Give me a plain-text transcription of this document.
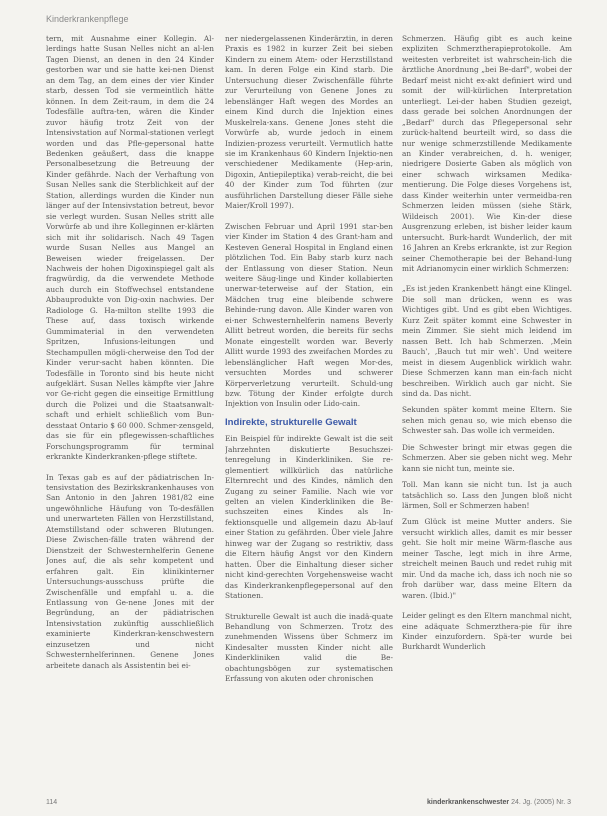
Kinderkrankenpflege

tern, mit Ausnahme einer Kollegin. Al-lerdings hatte Susan Nelles nicht an al-len Tagen Dienst, an denen in den 24 Kinder gestorben war und sie hatte kei-nen Dienst an dem Tag, an dem eines der vier Kinder starb, dessen Tod sie vermeintlich hätte können. In dem Zeit-raum, in dem die 24 Todesfälle auftra-ten, wären die Kinder zuvor häufig trotz Zeit von der Intensivstation auf Normal-stationen verlegt worden und das Pfle-gepersonal hatte Bedenken geäußert, dass die knappe Personalbesetzung die Betreuung der Kinder gefährde. Nach der Verhaftung von Susan Nelles sank die Sterblichkeit auf der Station, allerdings wurden die Kinder nun länger auf der Intensivstation betreut, bevor sie verlegt wurden. Susan Nelles stritt alle Vorwürfe ab und ihre Kolleginnen er-klärten sich mit ihr solidarisch. Nach 49 Tagen wurde Susan Nelles aus Mangel an Beweisen wieder freigelassen. Der Nachweis der hohen Digoxinspiegel galt als fragwürdig, da die verwendete Methode auch durch ein Stoffwechsel entstandene Abbauprodukte von Dig-oxin nachwies. Der Radiologe G. Ha-milton stellte 1993 die These auf, dass toxisch wirkende Gummimaterial in den verwendeten Spritzen, Infusions-leitungen und Stechampullen mögli-cherweise den Tod der Kinder verur-sacht haben könnten. Die Todesfälle in Toronto sind bis heute nicht aufgeklärt. Susan Nelles kämpfte vier Jahre vor Ge-richt gegen die einseitige Ermittlung durch die Polizei und die Staatsanwalt-schaft und erhielt schließlich vom Bun-desstaat Ontario $ 60 000. Schmer-zensgeld, das sie für ein pflegewissen-schaftliches Forschungsprogramm für terminal erkrankte Kinderkranken-pflege stiftete.

In Texas gab es auf der pädiatrischen In-tensivstation des Bezirkskrankenhauses von San Antonio in den Jahren 1981/82 eine ungewöhnliche Häufung von To-desfällen und unerwarteten Fällen von Herzstillstand, Atemstillstand oder schweren Blutungen. Diese Zwischen-fälle traten während der Dienstzeit der Schwesternhelferin Genene Jones auf, die als sehr kompetent und erfahren galt. Ein klinikinterner Untersuchungs-ausschuss prüfte die Zwischenfälle und empfahl u. a. die Entlassung von Ge-nene Jones mit der Begründung, an der pädiatrischen Intensivstation zukünftig ausschließlich examinierte Kinderkran-kenschwestern einzusetzen und nicht Schwesternhelferinnen. Genene Jones arbeitete danach als Assistentin bei ei-

ner niedergelassenen Kinderärztin, in deren Praxis es 1982 in kurzer Zeit bei sieben Kindern zu einem Atem- oder Herzstillstand kam. In deren Folge ein Kind starb. Die Untersuchung dieser Zwischenfälle führte zur Verurteilung von Genene Jones zu lebenslänger Haft wegen des Mordes an einem Kind durch die Injektion eines Muskelrela-xans. Genene Jones steht die Vorwürfe ab, wurde jedoch in einem Indizien-prozess verurteilt. Vermutlich hatte sie im Krankenhaus 60 Kindern Injektio-nen verschiedener Medikamente (Hep-arin, Digoxin, Antiepileptika) verab-reicht, die bei 40 der Kinder zum Tod führten (zur ausführlichen Darstellung dieser Fälle siehe Maier/Kroll 1997).

Zwischen Februar und April 1991 star-ben vier Kinder im Station 4 des Grant-ham and Kesteven General Hospital in England einen plötzlichen Tod. Ein Baby starb kurz nach der Entlassung von dieser Station. Neun weitere Säug-linge und Kinder kollabierten unerwar-teterweise auf der Station, ein Mädchen trug eine bleibende schwere Behinde-rung davon. Alle Kinder waren von ei-ner Schwesternhelferin namens Beverly Allitt betreut worden, die bereits für sechs Monate eingestellt worden war. Beverly Allitt wurde 1993 des zweifachen Mordes zu lebenslänglicher Haft wegen Mor-des, versuchten Mordes und schwerer Körperverletzung verurteilt. Schuld-ung bzw. Tötung der Kinder erfolgte durch Injektion von Insulin oder Lido-cain.

Indirekte, strukturelle Gewalt

Ein Beispiel für indirekte Gewalt ist die seit Jahrzehnten diskutierte Besuchszei-tenregelung in Kinderkliniken. Sie re-glementiert willkürlich das natürliche Elternrecht und des Kindes, nämlich den Zugang zu seiner Familie. Nach wie vor gelten an vielen Kinderkliniken die Be-suchszeiten eines Kindes als In-fektionsquelle und allgemein dazu Ab-lauf einer Station zu gefährden. Über viele Jahre hinweg war der Zugang so restriktiv, dass die Eltern häufig Angst vor den Kindern hatten. Über die Einhaltung dieser sicher nicht kind-gerechten Vorgehensweise wacht das Kinderkrankenpflegepersonal auf den Stationen.

Strukturelle Gewalt ist auch die inadä-quate Behandlung von Schmerzen. Trotz des zunehmenden Wissens über Schmerz im Kindesalter mussten Kinder nicht alle Kinderkliniken valid die Be-obachtungsbögen zur systematischen Erfassung von akuten oder chronischen

Schmerzen. Häufig gibt es auch keine expliziten Schmerztherapieprotokolle. Am weitesten verbreitet ist wahrschein-lich die ärztliche Anordnung „bei Be-darf", wobei der Bedarf meist nicht ex-akt definiert wird und somit der will-kürlichen Interpretation unterliegt. Lei-der haben Studien gezeigt, dass gerade bei solchen Anordnungen der „Bedarf" durch das Pflegepersonal sehr zurück-haltend beurteilt wird, so dass die nur wenige schmerzstillende Medikamente an Kinder verabreichen, d. h. weniger, niedrigere Dosierte Gaben als möglich von einer schwach wirksamen Medika-mentierung. Die Folge dieses Vorgehens ist, dass Kinder weiterhin unter vermeidba-ren Schmerzen leiden müssen (siehe Stärk, Wildeisch 2001). Wie Kin-der diese Ausgrenzung erleben, ist bisher leider kaum untersucht. Burk-hardt Wunderlich, der mit 16 Jahren an Krebs erkrankte, ist zur Region seiner Chemotherapie bei der Behand-lung mit Adrianomycin einer wirklich Schmerzen:

„Es ist jeden Krankenbett hängt eine Klingel. Die soll man drücken, wenn es was Wichtiges gibt. Und es gibt eben Wichtiges. Kurz Zeit später kommt eine Schwester in mein Zimmer. Sie sieht mich leidend im nassen Bett. Ich hab Schmerzen. ‚Mein Bauch‛, ‚Bauch tut mir weh‛. Und weitere meist in diesem Augenblick wirklich wahr. Diese Schmerzen kann man ein-fach nicht beschreiben. Wirklich auch gar nicht. Sie sind da. Das nicht.

Sekunden später kommt meine Eltern. Sie sehen mich genau so, wie mich ebenso die Schwester sah. Das wolle ich vermeiden.

Die Schwester bringt mir etwas gegen die Schmerzen. Aber sie geben nicht weg. Mehr kann sie nicht tun, meinte sie.

Toll. Man kann sie nicht tun. Ist ja auch tatsächlich so. Lass den Jungen bloß nicht lärmen, Soll er Schmerzen haben!

Zum Glück ist meine Mutter anders. Sie versucht wirklich alles, damit es mir besser geht. Sie holt mir meine Wärm-flasche aus meiner Tasche, legt mich in ihre Arme, streichelt meinen Bauch und redet ruhig mit mir. Und da mache ich, dass ich noch nie so froh darüber war, dass meine Eltern da waren. (Ibid.)"

Leider gelingt es den Eltern manchmal nicht, eine adäquate Schmerzthera-pie für ihre Kinder einzufordern. Spä-ter wurde bei Burkhardt Wunderlich

114	kinderkrankenschwester 24. Jg. (2005) Nr. 3
